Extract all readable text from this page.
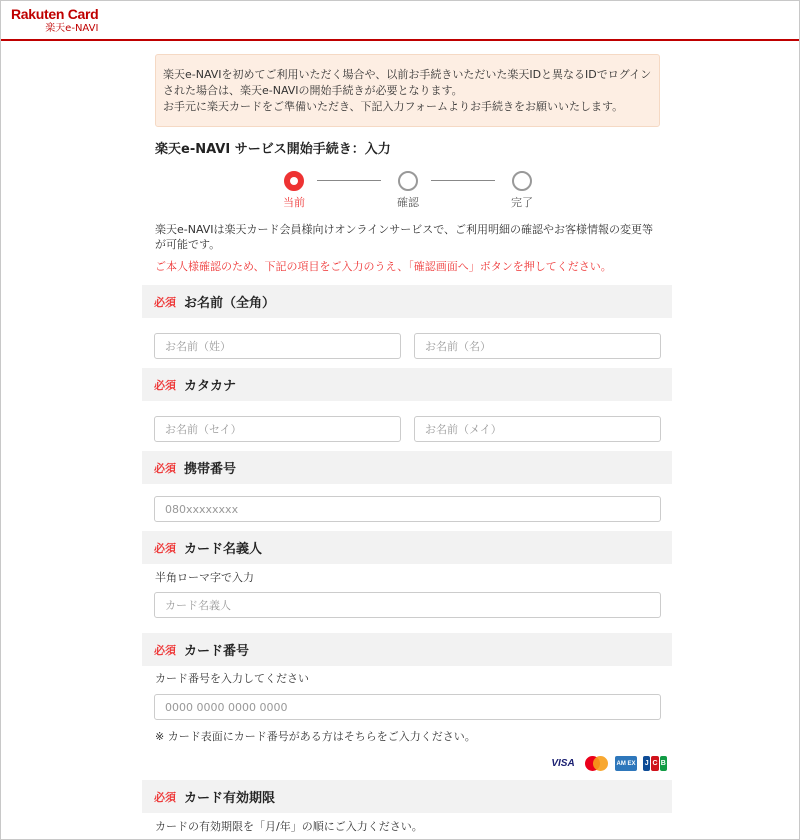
Rakuten Card
楽天e-NAVI
楽天e-NAVIを初めてご利用いただく場合や、以前お手続きいただいた楽天IDと異なるIDでログイン
された場合は、楽天e-NAVIの開始手続きが必要となります。
お手元に楽天カードをご準備いただき、下記入力フォームよりお手続きをお願いいたします。
楽天e-NAVI サービス開始手続き：入力
当前	確認	完了
楽天e-NAVIは楽天カード会員様向けオンラインサービスで、ご利用明細の確認やお客様情報の変更等
が可能です。
ご本人様確認のため、下記の項目をご入力のうえ、「確認画面へ」ボタンを押してください。
必須 お名前（全角）
お名前（姓）	お名前（名）
必須 カタカナ
お名前（セイ）	お名前（メイ）
必須 携帯番号
080xxxxxxxx
必須 カード名義人
半角ローマ字で入力
カード名義人
必須 カード番号
カード番号を入力してください
0000 0000 0000 0000
※ カード表面にカード番号がある方はそちらをご入力ください。
VISA	AM EX J C B
必須 カード有効期限
カードの有効期限を「月/年」の順にご入力ください。
